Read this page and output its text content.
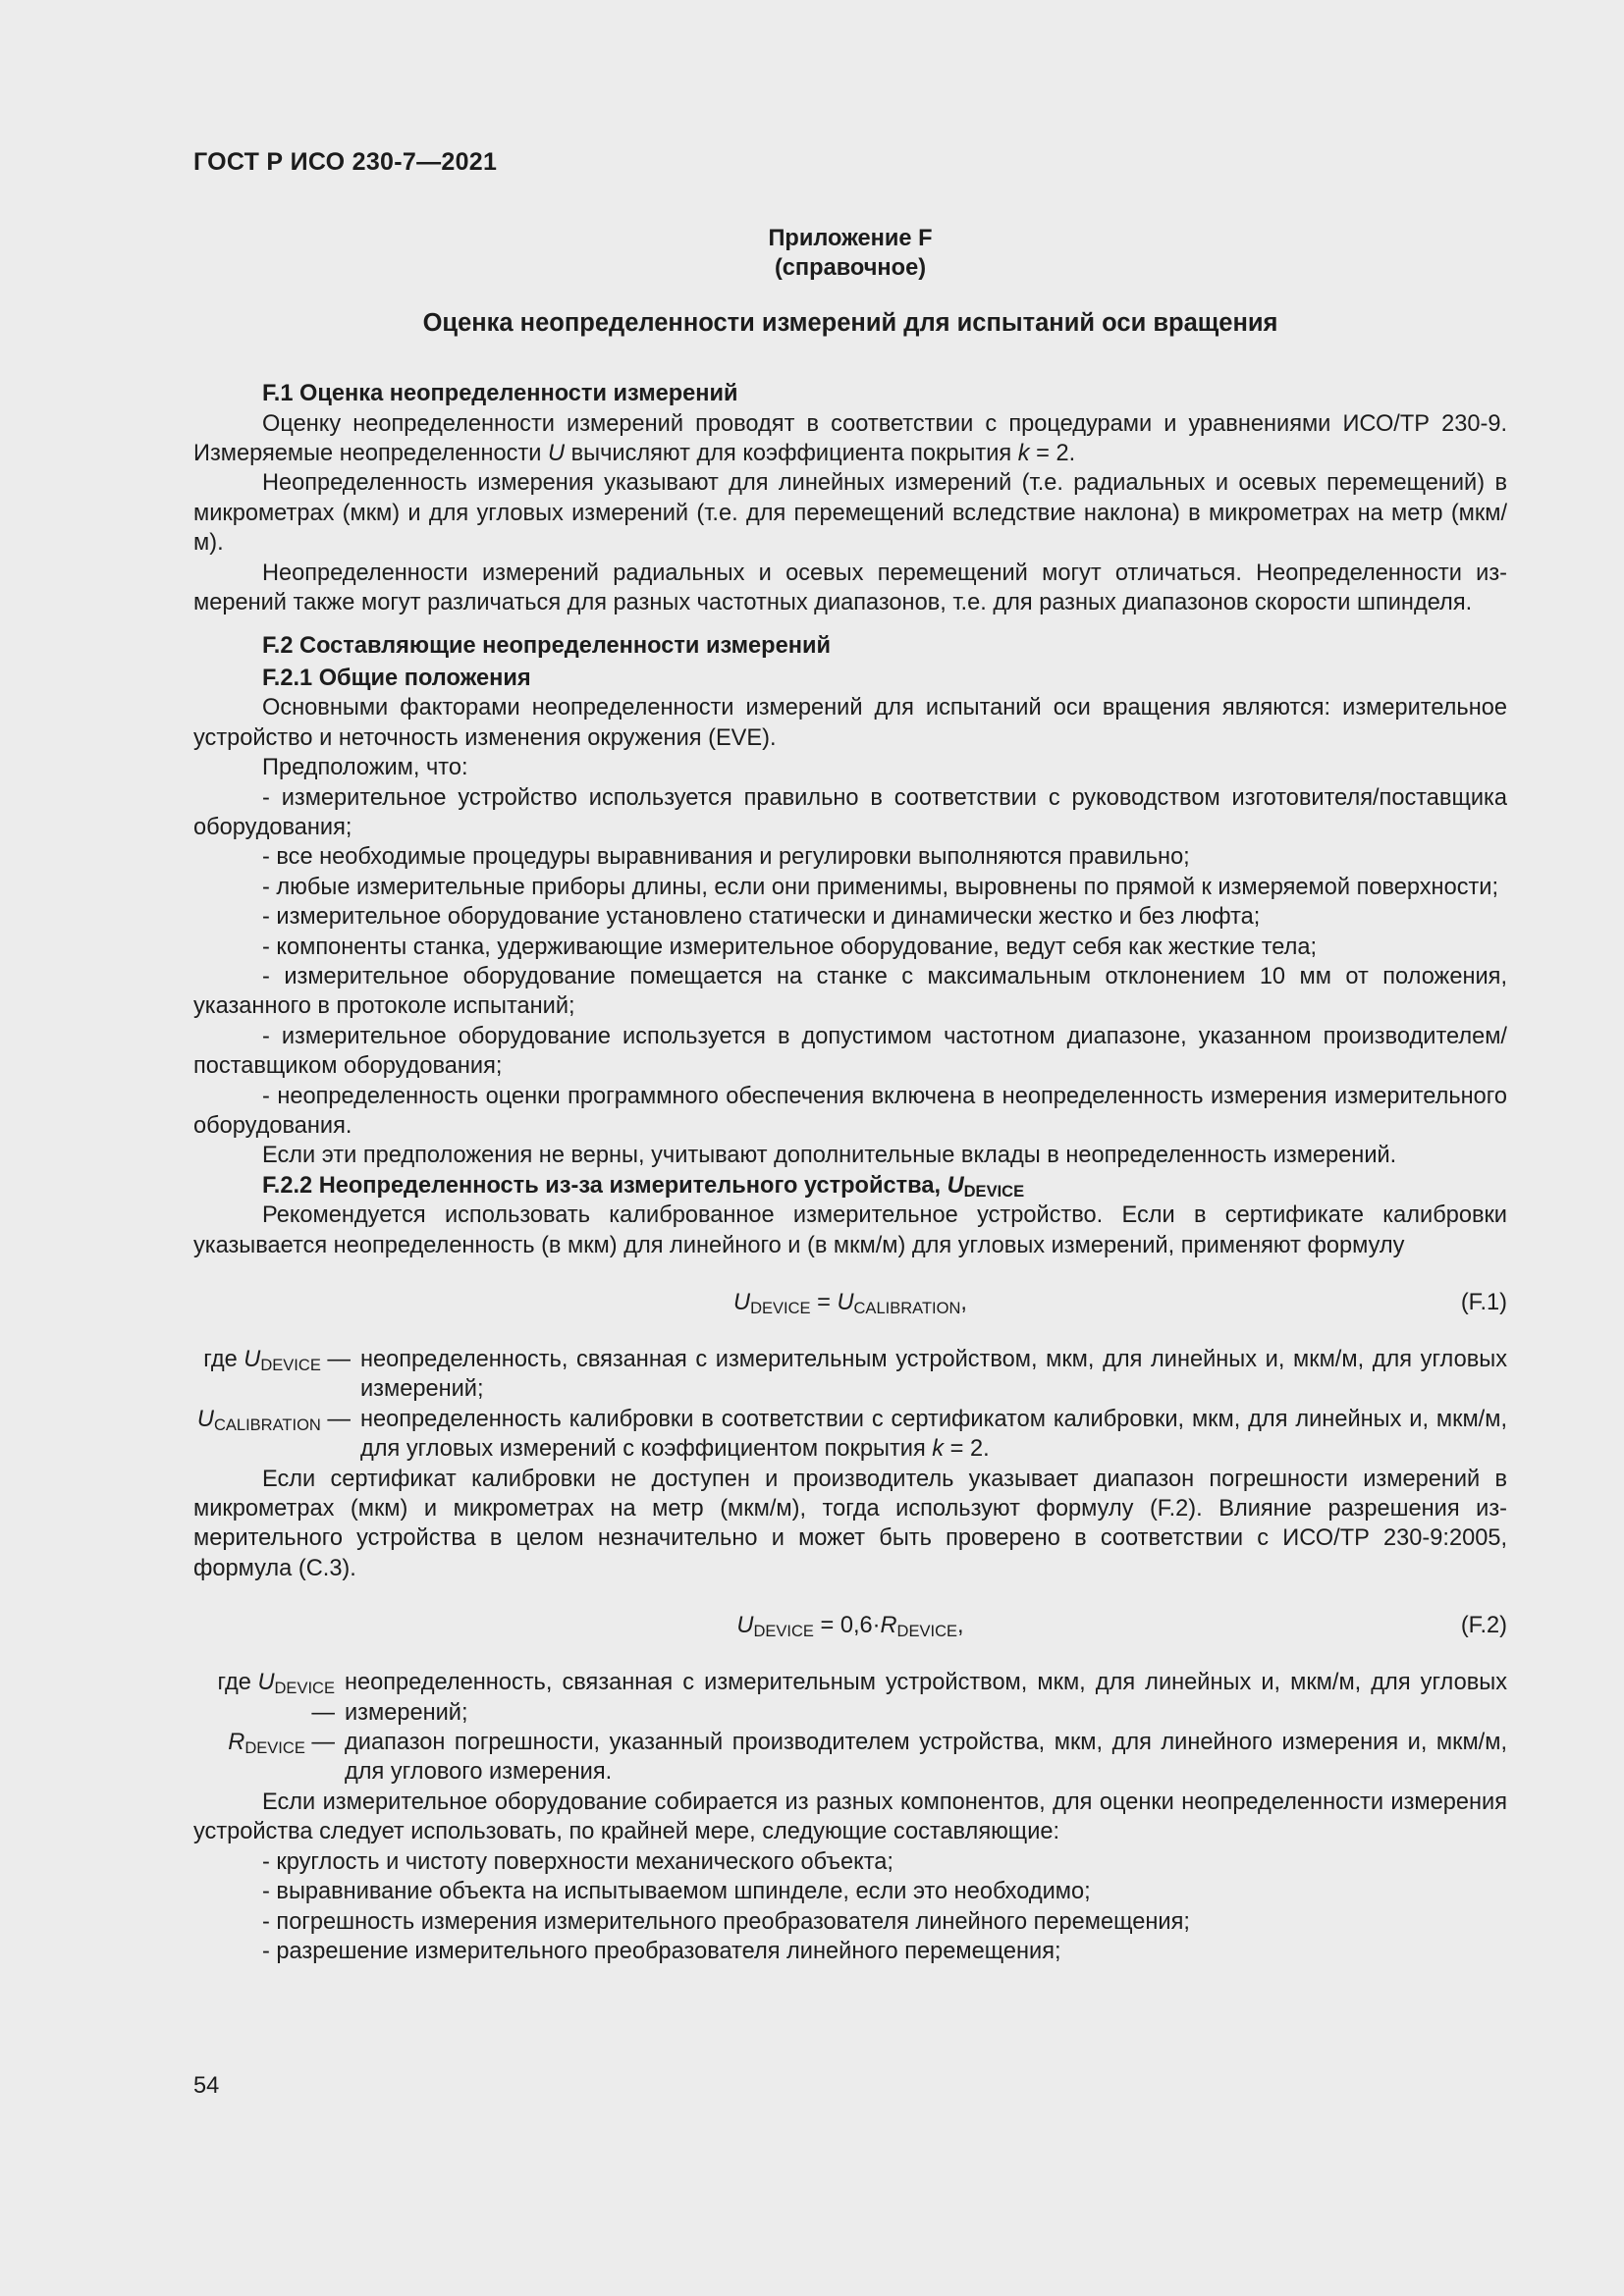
ГОСТ Р ИСО 230-7—2021
Приложение F
(справочное)
Оценка неопределенности измерений для испытаний оси вращения
F.1 Оценка неопределенности измерений

Оценку неопределенности измерений проводят в соответствии с процедурами и уравнениями ИСО/ТР 230-9. Измеряемые неопределенности U вычисляют для коэффициента покрытия k = 2.

Неопределенность измерения указывают для линейных измерений (т.е. радиальных и осевых перемещений) в микрометрах (мкм) и для угловых измерений (т.е. для перемещений вследствие наклона) в микрометрах на метр (мкм/м).

Неопределенности измерений радиальных и осевых перемещений могут отличаться. Неопределенности измерений также могут различаться для разных частотных диапазонов, т.е. для разных диапазонов скорости шпинделя.

F.2 Составляющие неопределенности измерений
F.2.1 Общие положения

Основными факторами неопределенности измерений для испытаний оси вращения являются: измерительное устройство и неточность изменения окружения (EVE).

Предположим, что:

- измерительное устройство используется правильно в соответствии с руководством изготовителя/поставщика оборудования;

- все необходимые процедуры выравнивания и регулировки выполняются правильно;

- любые измерительные приборы длины, если они применимы, выровнены по прямой к измеряемой поверхности;

- измерительное оборудование установлено статически и динамически жестко и без люфта;

- компоненты станка, удерживающие измерительное оборудование, ведут себя как жесткие тела;

- измерительное оборудование помещается на станке с максимальным отклонением 10 мм от положения, указанного в протоколе испытаний;

- измерительное оборудование используется в допустимом частотном диапазоне, указанном производителем/поставщиком оборудования;

- неопределенность оценки программного обеспечения включена в неопределенность измерения измерительного оборудования.

Если эти предположения не верны, учитывают дополнительные вклады в неопределенность измерений.

F.2.2 Неопределенность из-за измерительного устройства, $U_{DEVICE}$

Рекомендуется использовать калиброванное измерительное устройство. Если в сертификате калибровки указывается неопределенность (в мкм) для линейного и (в мкм/м) для угловых измерений, применяют формулу

$U_{DEVICE} = U_{CALIBRATION}$,	(F.1)
где $U_{DEVICE}$ — неопределенность, связанная с измерительным устройством, мкм, для линейных и, мкм/м, для угловых измерений;
$U_{CALIBRATION}$ — неопределенность калибровки в соответствии с сертификатом калибровки, мкм, для линейных и, мкм/м, для угловых измерений с коэффициентом покрытия k = 2.

Если сертификат калибровки не доступен и производитель указывает диапазон погрешности измерений в микрометрах (мкм) и микрометрах на метр (мкм/м), тогда используют формулу (F.2). Влияние разрешения измерительного устройства в целом незначительно и может быть проверено в соответствии с ИСО/ТР 230-9:2005, формула (С.3).

$U_{DEVICE} = 0,6\cdot R_{DEVICE}$,	(F.2)
где $U_{DEVICE}$ —
неопределенность, связанная с измерительным устройством, мкм, для линейных и, мкм/м, для угловых измерений;
$R_{DEVICE}$ — диапазон погрешности, указанный производителем устройства, мкм, для линейного измерения и, мкм/м, для углового измерения.

Если измерительное оборудование собирается из разных компонентов, для оценки неопределенности измерения устройства следует использовать, по крайней мере, следующие составляющие:

- круглость и чистоту поверхности механического объекта;

- выравнивание объекта на испытываемом шпинделе, если это необходимо;

- погрешность измерения измерительного преобразователя линейного перемещения;

- разрешение измерительного преобразователя линейного перемещения;

54
